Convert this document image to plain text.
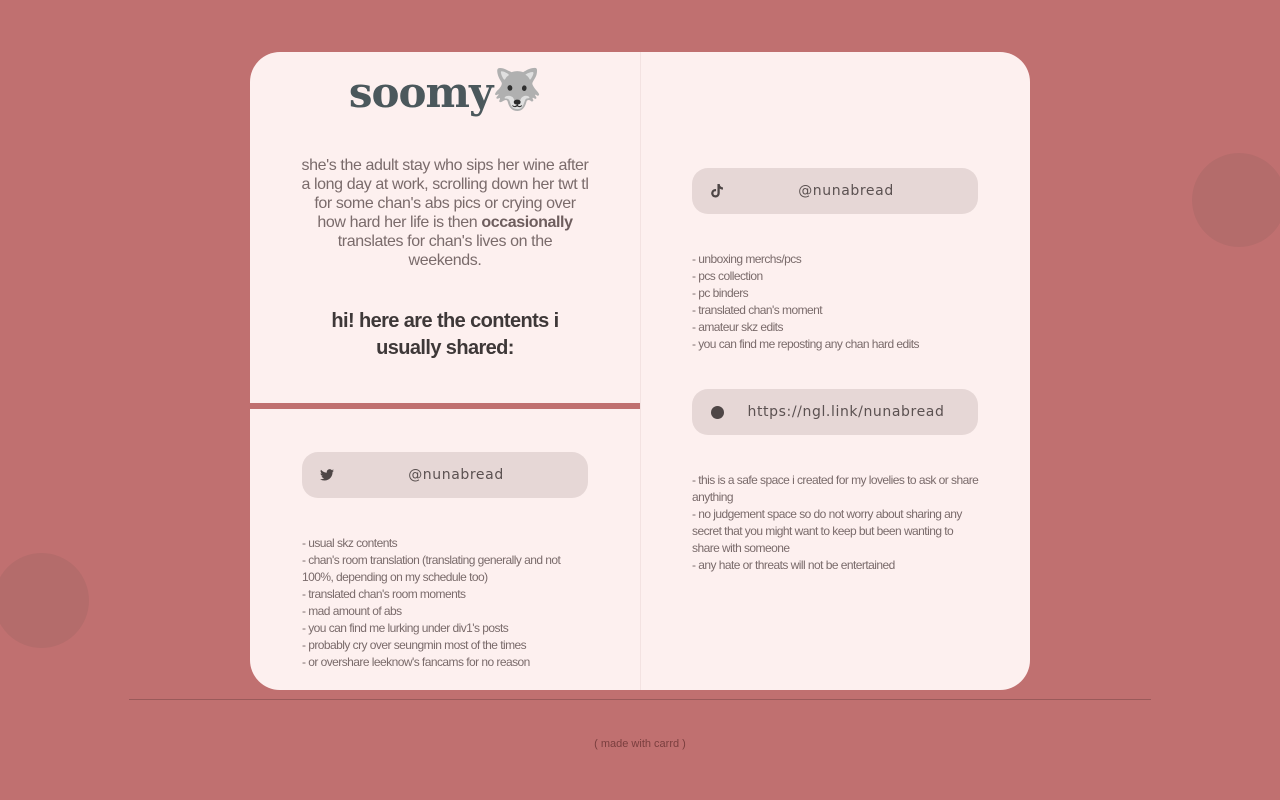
soomy🐺
she's the adult stay who sips her wine after a long day at work, scrolling down her twt tl for some chan's abs pics or crying over how hard her life is then occasionally translates for chan's lives on the weekends.
hi! here are the contents i usually shared:
@nunabread
- usual skz contents
- chan's room translation (translating generally and not 100%, depending on my schedule too)
- translated chan's room moments
- mad amount of abs
- you can find me lurking under div1's posts
- probably cry over seungmin most of the times
- or overshare leeknow's fancams for no reason
@nunabread
- unboxing merchs/pcs
- pcs collection
- pc binders
- translated chan's moment
- amateur skz edits
- you can find me reposting any chan hard edits
https://ngl.link/nunabread
- this is a safe space i created for my lovelies to ask or share anything
- no judgement space so do not worry about sharing any secret that you might want to keep but been wanting to share with someone
- any hate or threats will not be entertained
( made with carrd )
